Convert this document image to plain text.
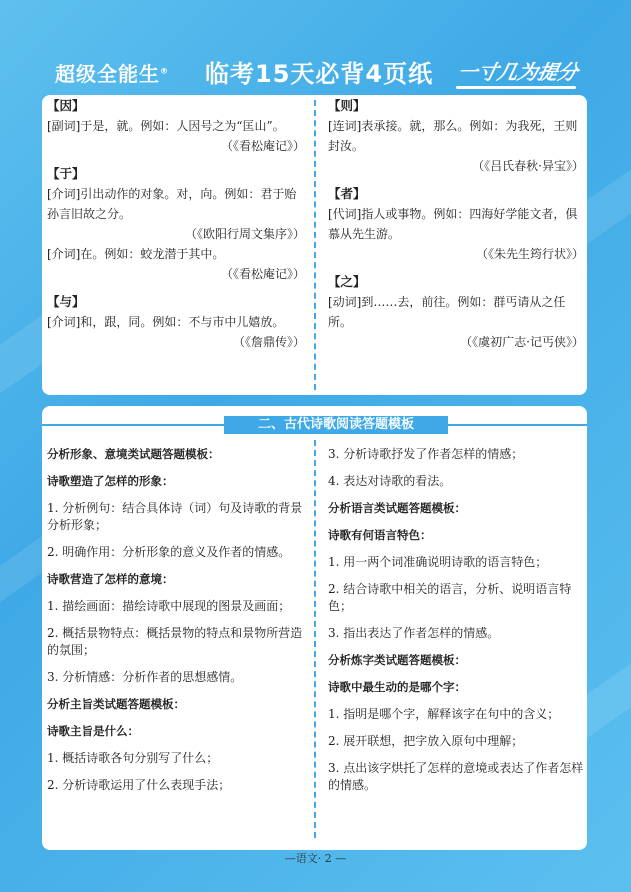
超级全能生® 临考15天必背4页纸 一寸几为提分
【因】
[副词]于是，就。例如：人因号之为“匡山”。
（《看松庵记》）
【于】
[介词]引出动作的对象。对，向。例如：君于贻孙言旧故之分。
（《欧阳行周文集序》）
[介词]在。例如：蛟龙潜于其中。
（《看松庵记》）
【与】
[介词]和，跟，同。例如：不与市中儿嬉放。
（《詹鼎传》）
【则】
[连词]表承接。就，那么。例如：为我死，王则封汝。
（《吕氏春秋·异宝》）
【者】
[代词]指人或事物。例如：四海好学能文者，俱慕从先生游。
（《朱先生筠行状》）
【之】
[动词]到……去，前往。例如：群丐请从之任所。
（《虞初广志·记丐侠》）
二、古代诗歌阅读答题模板
分析形象、意境类试题答题模板：
诗歌塑造了怎样的形象：
1. 分析例句：结合具体诗（词）句及诗歌的背景分析形象；
2. 明确作用：分析形象的意义及作者的情感。
诗歌营造了怎样的意境：
1. 描绘画面：描绘诗歌中展现的图景及画面；
2. 概括景物特点：概括景物的特点和景物所营造的氛围；
3. 分析情感：分析作者的思想感情。
分析主旨类试题答题模板：
诗歌主旨是什么：
1. 概括诗歌各句分别写了什么；
2. 分析诗歌运用了什么表现手法；
3. 分析诗歌抒发了作者怎样的情感；
4. 表达对诗歌的看法。
分析语言类试题答题模板：
诗歌有何语言特色：
1. 用一两个词准确说明诗歌的语言特色；
2. 结合诗歌中相关的语言，分析、说明语言特色；
3. 指出表达了作者怎样的情感。
分析炼字类试题答题模板：
诗歌中最生动的是哪个字：
1. 指明是哪个字，解释该字在句中的含义；
2. 展开联想，把字放入原句中理解；
3. 点出该字烘托了怎样的意境或表达了作者怎样的情感。
—语文· 2 —
